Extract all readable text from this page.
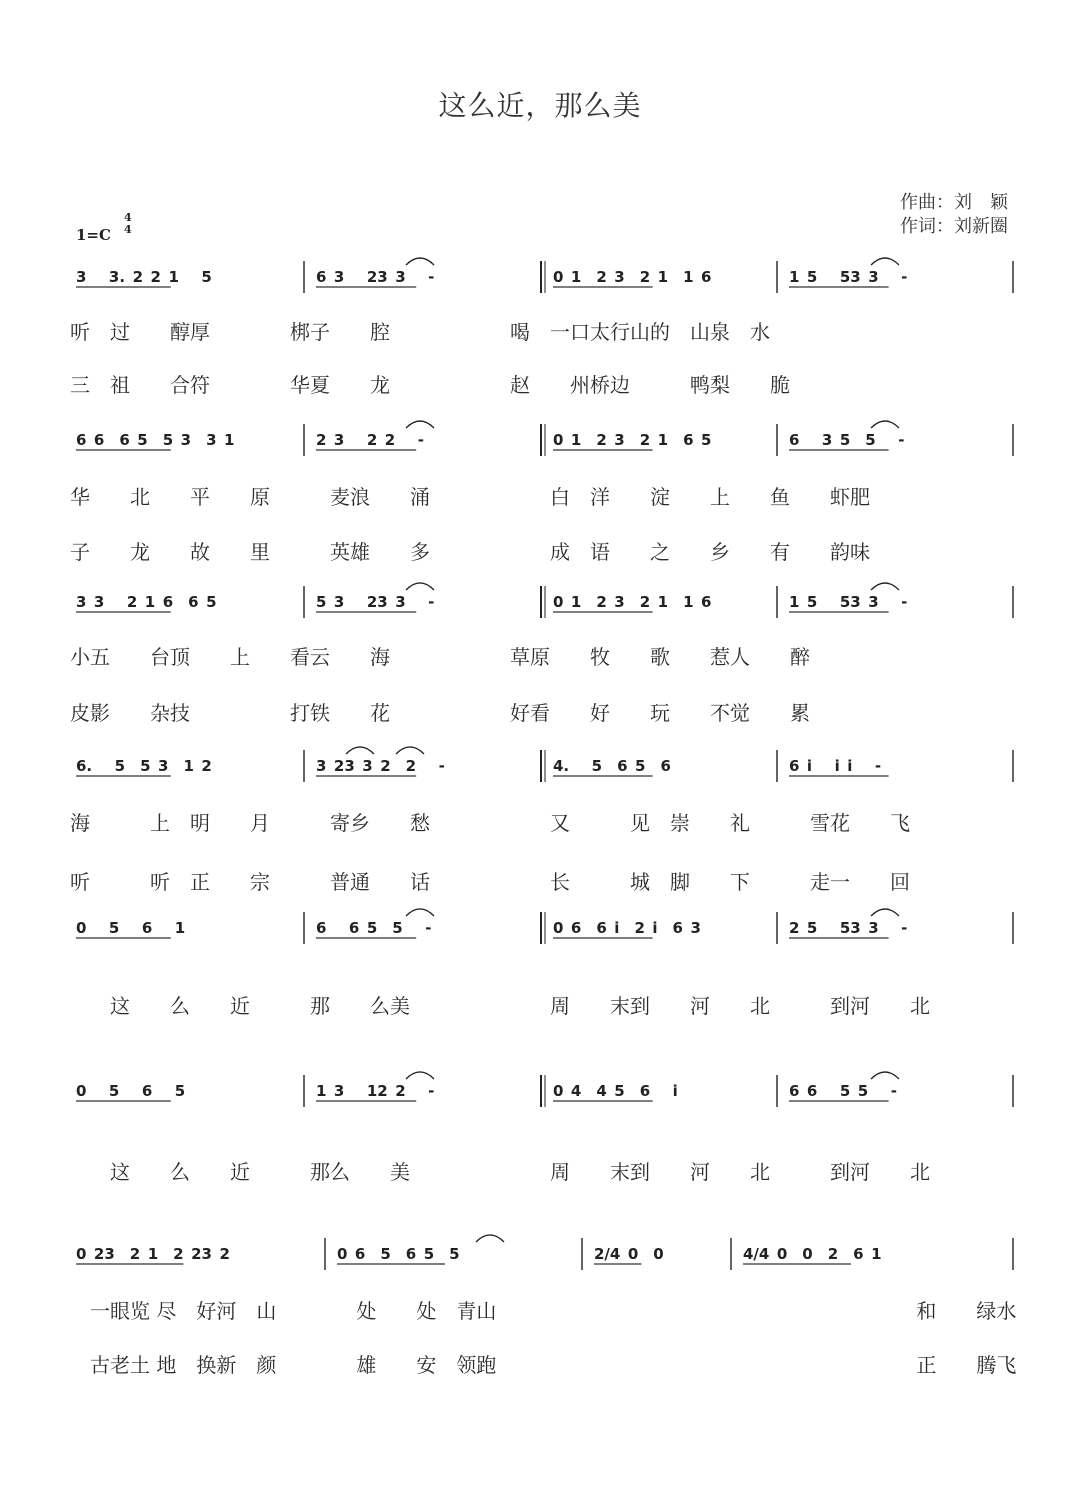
这么近，那么美
作曲：刘　颖
作词：刘新圈
1=C
4
4
3   3. 2 2 1   5	6 3   23 3   -	0 1  2 3  2 1  1 6	1 5   53 3   -
6 6  6 5  5 3  3 1	2 3   2 2   -	0 1  2 3  2 1  6 5	6   3 5  5   -
3 3   2 1 6  6 5	5 3   23 3   -	0 1  2 3  2 1  1 6	1 5   53 3   -
6.   5  5 3  1 2	3 23 3 2  2   -	4.   5  6 5  6	6 i   i i   -
0   5   6   1	6   6 5  5   -	0 6  6 i  2 i  6 3	2 5   53 3   -
0   5   6   5	1 3   12 2   -	0 4  4 5  6   i	6 6   5 5   -
0 23  2 1  2 23 2	0 6  5  6 5  5	2/4 0  0	4/4 0  0  2  6 1
听　过　　醇厚　　　　梆子　　腔　　　　　　喝　一口太行山的　山泉　水
三　祖　　合符　　　　华夏　　龙　　　　　　赵　　州桥边　　　鸭梨　　脆
华　　北　　平　　原　　　麦浪　　涌　　　　　　白　洋　　淀　　上　　鱼　　虾肥
子　　龙　　故　　里　　　英雄　　多　　　　　　成　语　　之　　乡　　有　　韵味
小五　　台顶　　上　　看云　　海　　　　　　草原　　牧　　歌　　惹人　　醉
皮影　　杂技　　　　　打铁　　花　　　　　　好看　　好　　玩　　不觉　　累
海　　　上　明　　月　　　寄乡　　愁　　　　　　又　　　见　崇　　礼　　　雪花　　飞
听　　　听　正　　宗　　　普通　　话　　　　　　长　　　城　脚　　下　　　走一　　回
　　这　　么　　近　　　那　　么美　　　　　　　周　　末到　　河　　北　　　到河　　北
　　这　　么　　近　　　那么　　美　　　　　　　周　　末到　　河　　北　　　到河　　北
　一眼览 尽　好河　山　　　　处　　处　青山　　　　　　　　　　　　　　　　　　　　　和　　绿水
　古老土 地　换新　颜　　　　雄　　安　领跑　　　　　　　　　　　　　　　　　　　　　正　　腾飞
